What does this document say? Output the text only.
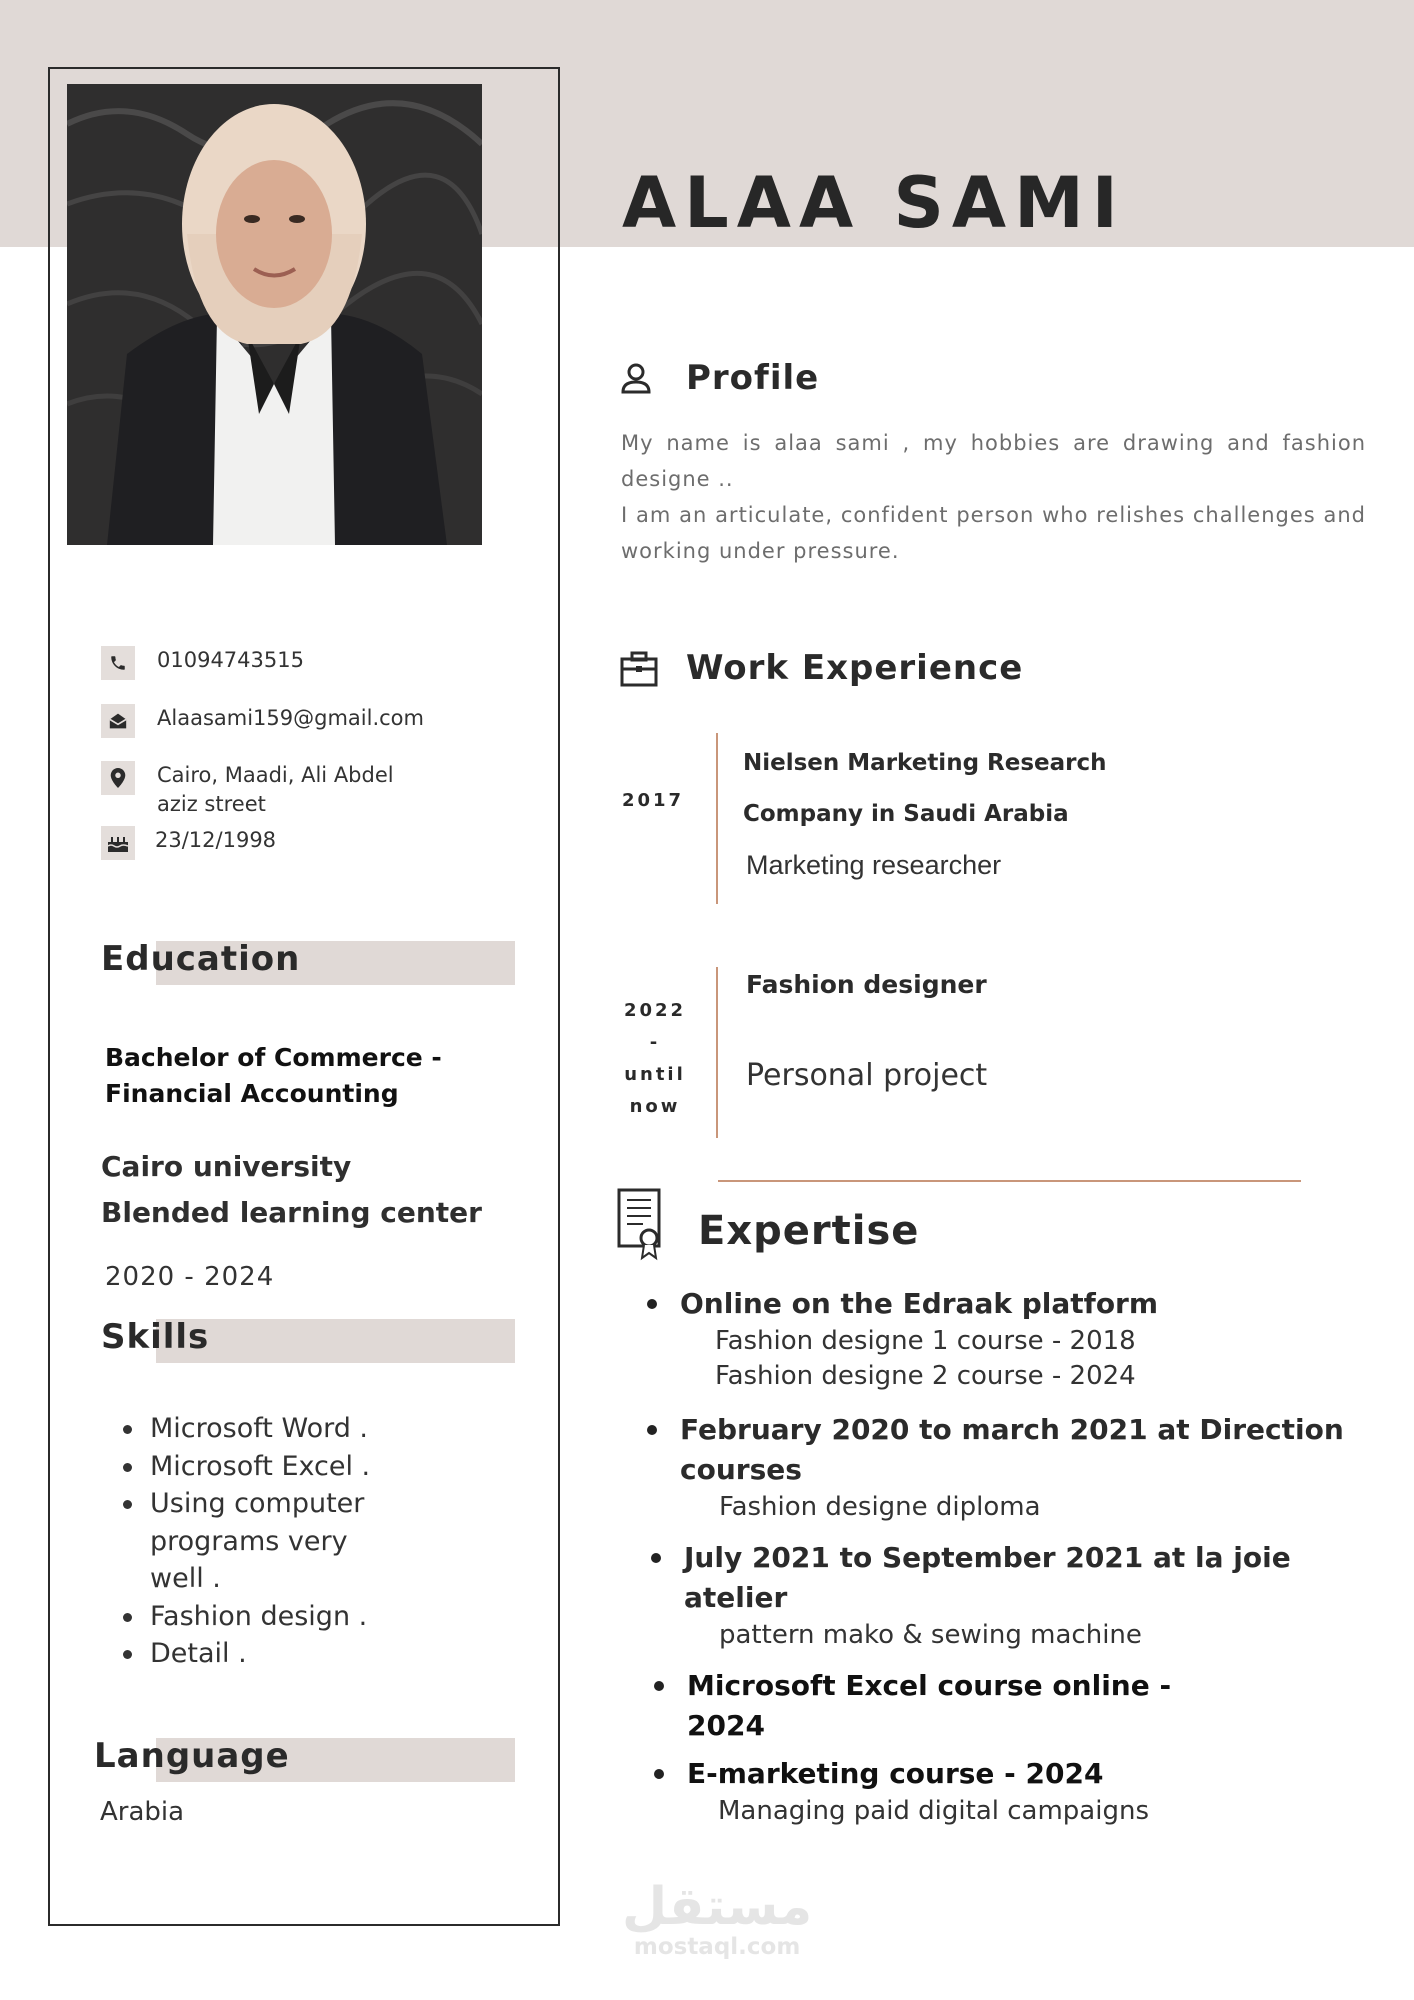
ALAA SAMI
01094743515
Alaasami159@gmail.com
Cairo, Maadi, Ali Abdel
aziz street
23/12/1998
Education
Bachelor of Commerce -
Financial Accounting
Cairo university
Blended learning center
2020 - 2024
Skills
Microsoft Word .
Microsoft Excel .
Using computer
programs very
well .
Fashion design .
Detail .
Language
Arabia
Profile
My name is alaa sami , my hobbies are drawing and fashion designe ..
I am an articulate, confident person who relishes challenges and working under pressure.
Work Experience
2017
Nielsen Marketing Research
Company in Saudi Arabia
Marketing researcher
2022
-
until
now
Fashion designer
Personal project
Expertise
Online on the Edraak platform
Fashion designe 1 course - 2018
Fashion designe 2 course - 2024
February 2020 to march 2021 at Direction
courses
Fashion designe diploma
July 2021 to September 2021 at la joie
atelier
pattern mako & sewing machine
Microsoft Excel course online -
2024
E-marketing course - 2024
Managing paid digital campaigns
مستقل
mostaql.com
